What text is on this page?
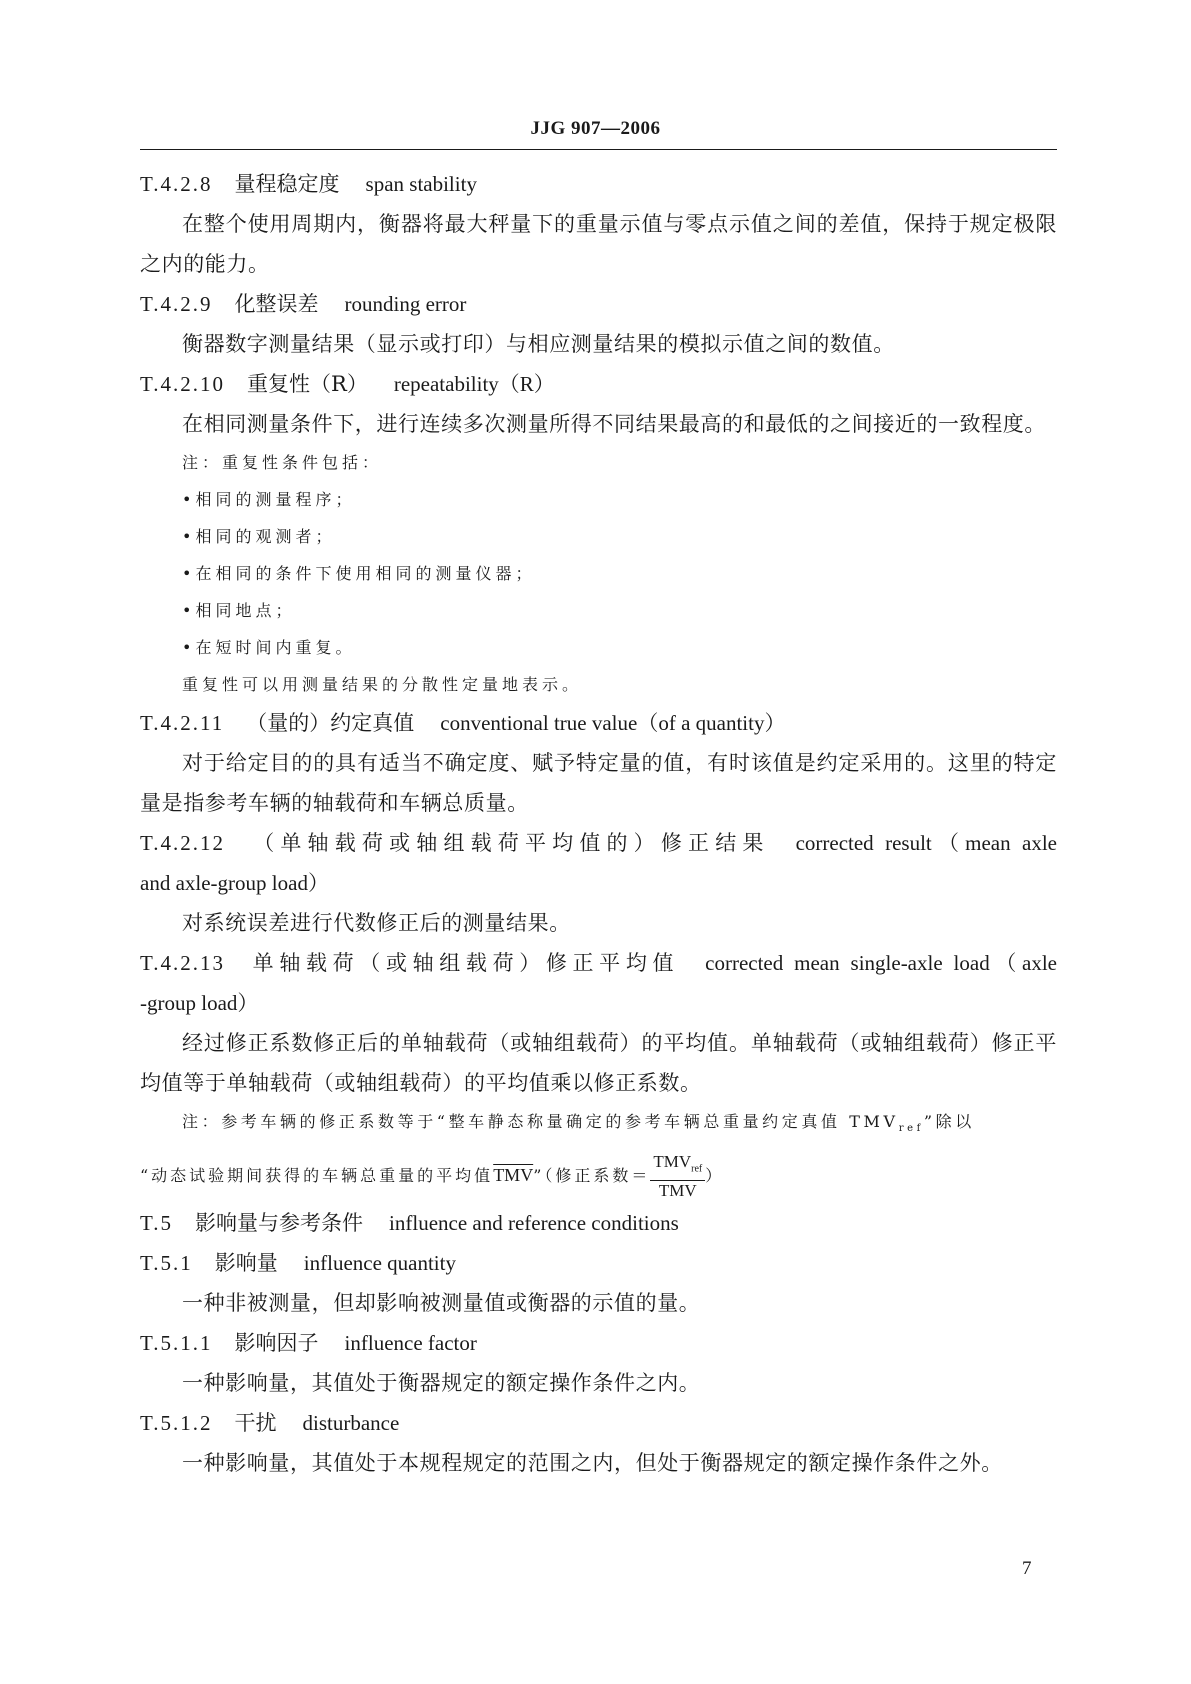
JJG 907—2006
T.4.2.8 量程稳定度 span stability
在整个使用周期内，衡器将最大秤量下的重量示值与零点示值之间的差值，保持于规定极限之内的能力。
T.4.2.9 化整误差 rounding error
衡器数字测量结果（显示或打印）与相应测量结果的模拟示值之间的数值。
T.4.2.10 重复性（R） repeatability（R）
在相同测量条件下，进行连续多次测量所得不同结果最高的和最低的之间接近的一致程度。
注：重复性条件包括：
• 相同的测量程序；
• 相同的观测者；
• 在相同的条件下使用相同的测量仪器；
• 相同地点；
• 在短时间内重复。
重复性可以用测量结果的分散性定量地表示。
T.4.2.11 （量的）约定真值 conventional true value（of a quantity）
对于给定目的的具有适当不确定度、赋予特定量的值，有时该值是约定采用的。这里的特定量是指参考车辆的轴载荷和车辆总质量。
T.4.2.12 （单轴载荷或轴组载荷平均值的）修正结果 corrected result（mean axle
and axle-group load）
对系统误差进行代数修正后的测量结果。
T.4.2.13 单轴载荷（或轴组载荷）修正平均值 corrected mean single-axle load（axle
-group load）
经过修正系数修正后的单轴载荷（或轴组载荷）的平均值。单轴载荷（或轴组载荷）修正平均值等于单轴载荷（或轴组载荷）的平均值乘以修正系数。
注：参考车辆的修正系数等于“整车静态称量确定的参考车辆总重量约定真值 $TMV_{ref}$”除以
“动态试验期间获得的车辆总重量的平均值$\overline{TMV}$”（修正系数＝ $\frac{TMV_{ref}}{\text{TMV}}$ ）
T.5 影响量与参考条件 influence and reference conditions
T.5.1 影响量 influence quantity
一种非被测量，但却影响被测量值或衡器的示值的量。
T.5.1.1 影响因子 influence factor
一种影响量，其值处于衡器规定的额定操作条件之内。
T.5.1.2 干扰 disturbance
一种影响量，其值处于本规程规定的范围之内，但处于衡器规定的额定操作条件之外。
7
